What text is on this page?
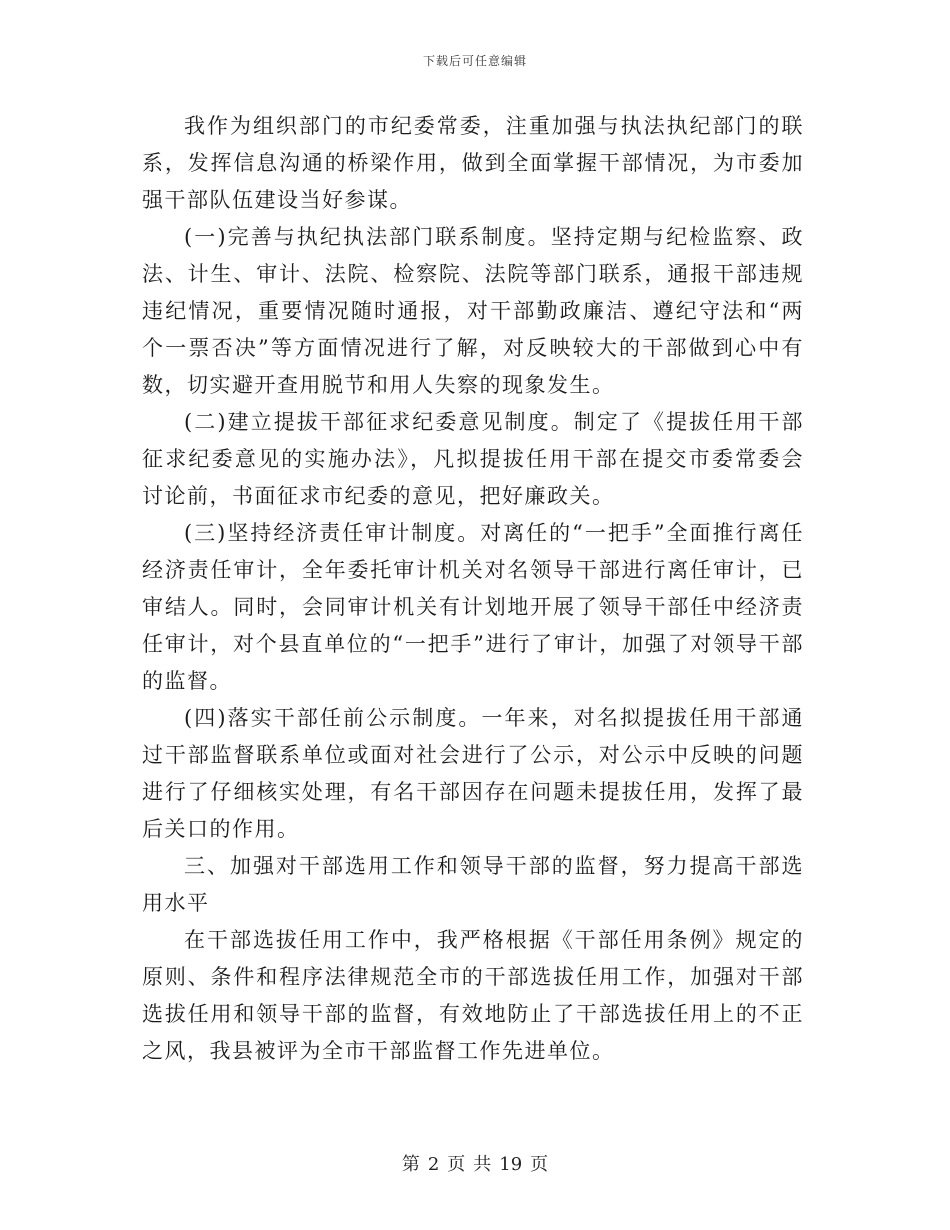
下载后可任意编辑

我作为组织部门的市纪委常委，注重加强与执法执纪部门的联系，发挥信息沟通的桥梁作用，做到全面掌握干部情况，为市委加强干部队伍建设当好参谋。

(一)完善与执纪执法部门联系制度。坚持定期与纪检监察、政法、计生、审计、法院、检察院、法院等部门联系，通报干部违规违纪情况，重要情况随时通报，对干部勤政廉洁、遵纪守法和“两个一票否决”等方面情况进行了解，对反映较大的干部做到心中有数，切实避开查用脱节和用人失察的现象发生。

(二)建立提拔干部征求纪委意见制度。制定了《提拔任用干部征求纪委意见的实施办法》，凡拟提拔任用干部在提交市委常委会讨论前，书面征求市纪委的意见，把好廉政关。

(三)坚持经济责任审计制度。对离任的“一把手”全面推行离任经济责任审计，全年委托审计机关对名领导干部进行离任审计，已审结人。同时，会同审计机关有计划地开展了领导干部任中经济责任审计，对个县直单位的“一把手”进行了审计，加强了对领导干部的监督。

(四)落实干部任前公示制度。一年来，对名拟提拔任用干部通过干部监督联系单位或面对社会进行了公示，对公示中反映的问题进行了仔细核实处理，有名干部因存在问题未提拔任用，发挥了最后关口的作用。

三、加强对干部选用工作和领导干部的监督，努力提高干部选用水平

在干部选拔任用工作中，我严格根据《干部任用条例》规定的原则、条件和程序法律规范全市的干部选拔任用工作，加强对干部选拔任用和领导干部的监督，有效地防止了干部选拔任用上的不正之风，我县被评为全市干部监督工作先进单位。

第 2 页 共 19 页
